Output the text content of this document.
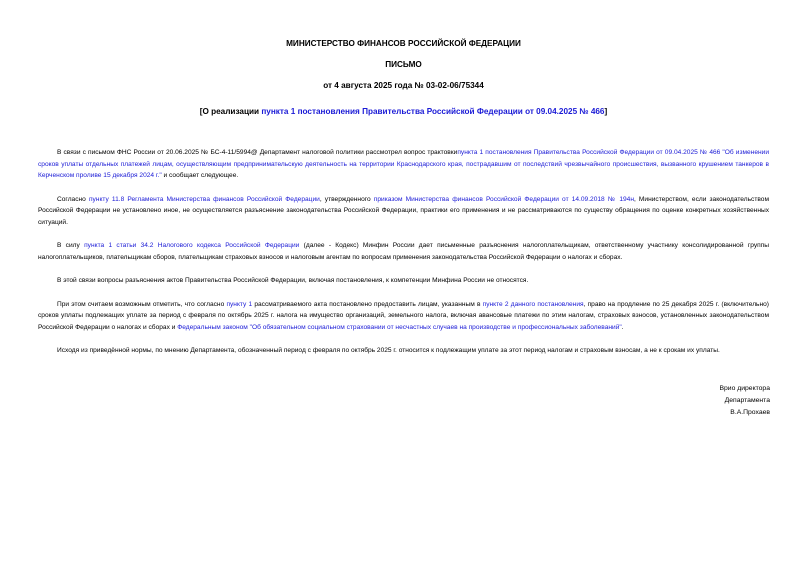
МИНИСТЕРСТВО ФИНАНСОВ РОССИЙСКОЙ ФЕДЕРАЦИИ
ПИСЬМО
от 4 августа 2025 года № 03-02-06/75344
[О реализации пункта 1 постановления Правительства Российской Федерации от 09.04.2025 № 466]

В связи с письмом ФНС России от 20.06.2025 № БС-4-11/5994@ Департамент налоговой политики рассмотрел вопрос трактовкипункта 1 постановления Правительства Российской Федерации от 09.04.2025 № 466 "Об изменении сроков уплаты отдельных платежей лицам, осуществляющим предпринимательскую деятельность на территории Краснодарского края, пострадавшим от последствий чрезвычайного происшествия, вызванного крушением танкеров в Керченском проливе 15 декабря 2024 г." и сообщает следующее.

Согласно пункту 11.8 Регламента Министерства финансов Российской Федерации, утвержденного приказом Министерства финансов Российской Федерации от 14.09.2018 № 194н, Министерством, если законодательством Российской Федерации не установлено иное, не осуществляется разъяснение законодательства Российской Федерации, практики его применения и не рассматриваются по существу обращения по оценке конкретных хозяйственных ситуаций.

В силу пункта 1 статьи 34.2 Налогового кодекса Российской Федерации (далее - Кодекс) Минфин России дает письменные разъяснения налогоплательщикам, ответственному участнику консолидированной группы налогоплательщиков, плательщикам сборов, плательщикам страховых взносов и налоговым агентам по вопросам применения законодательства Российской Федерации о налогах и сборах.

В этой связи вопросы разъяснения актов Правительства Российской Федерации, включая постановления, к компетенции Минфина России не относятся.

При этом считаем возможным отметить, что согласно пункту 1 рассматриваемого акта постановлено предоставить лицам, указанным в пункте 2 данного постановления, право на продление по 25 декабря 2025 г. (включительно) сроков уплаты подлежащих уплате за период с февраля по октябрь 2025 г. налога на имущество организаций, земельного налога, включая авансовые платежи по этим налогам, страховых взносов, установленных законодательством Российской Федерации о налогах и сборах и Федеральным законом "Об обязательном социальном страховании от несчастных случаев на производстве и профессиональных заболеваний".

Исходя из приведённой нормы, по мнению Департамента, обозначенный период с февраля по октябрь 2025 г. относится к подлежащим уплате за этот период налогам и страховым взносам, а не к срокам их уплаты.

Врио директора
Департамента
В.А.Прохаев
